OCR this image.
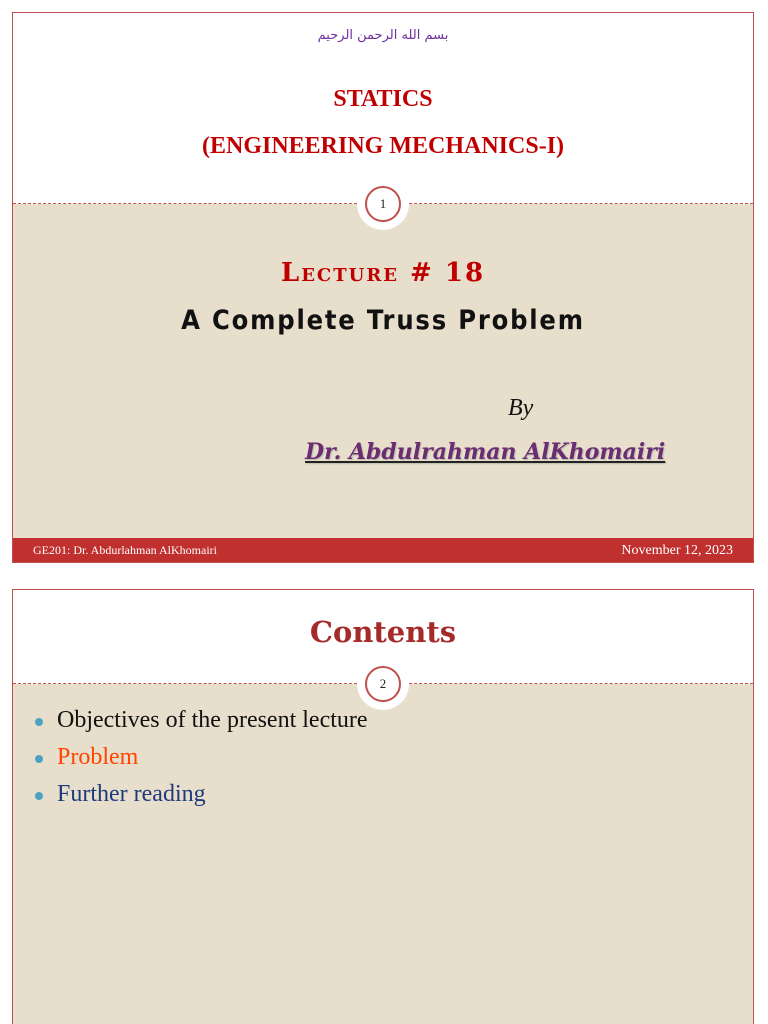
بسم الله الرحمن الرحيم
STATICS
(ENGINEERING MECHANICS-I)
1
Lecture # 18
A Complete Truss Problem
By
Dr. Abdulrahman AlKhomairi
GE201: Dr. Abdurlahman AlKhomairi	November 12, 2023
Contents
2
Objectives of the present lecture
Problem
Further reading
